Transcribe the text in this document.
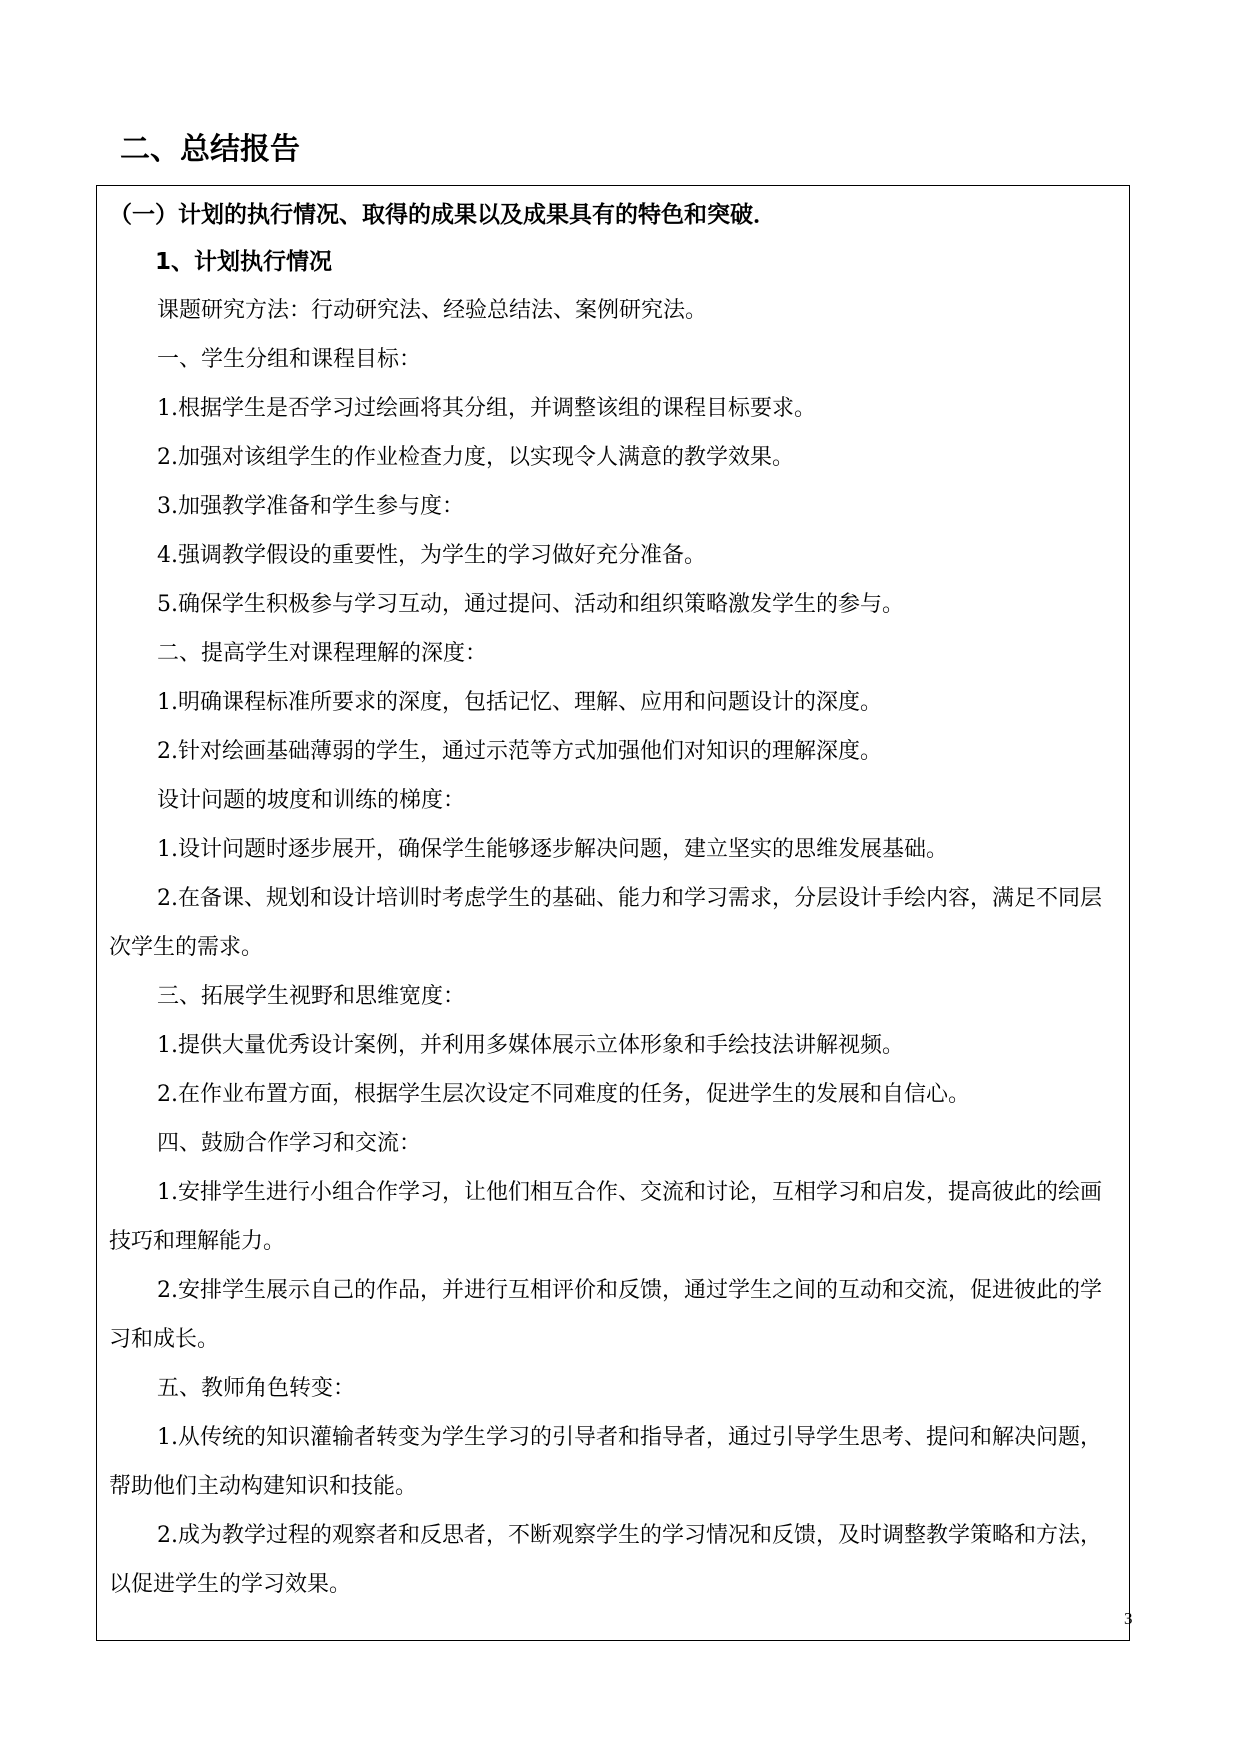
二、总结报告
（一）计划的执行情况、取得的成果以及成果具有的特色和突破．
1、计划执行情况
课题研究方法：行动研究法、经验总结法、案例研究法。
一、学生分组和课程目标：
1.根据学生是否学习过绘画将其分组，并调整该组的课程目标要求。
2.加强对该组学生的作业检查力度，以实现令人满意的教学效果。
3.加强教学准备和学生参与度：
4.强调教学假设的重要性，为学生的学习做好充分准备。
5.确保学生积极参与学习互动，通过提问、活动和组织策略激发学生的参与。
二、提高学生对课程理解的深度：
1.明确课程标准所要求的深度，包括记忆、理解、应用和问题设计的深度。
2.针对绘画基础薄弱的学生，通过示范等方式加强他们对知识的理解深度。
设计问题的坡度和训练的梯度：
1.设计问题时逐步展开，确保学生能够逐步解决问题，建立坚实的思维发展基础。
2.在备课、规划和设计培训时考虑学生的基础、能力和学习需求，分层设计手绘内容，满足不同层次学生的需求。
三、拓展学生视野和思维宽度：
1.提供大量优秀设计案例，并利用多媒体展示立体形象和手绘技法讲解视频。
2.在作业布置方面，根据学生层次设定不同难度的任务，促进学生的发展和自信心。
四、鼓励合作学习和交流：
1.安排学生进行小组合作学习，让他们相互合作、交流和讨论，互相学习和启发，提高彼此的绘画技巧和理解能力。
2.安排学生展示自己的作品，并进行互相评价和反馈，通过学生之间的互动和交流，促进彼此的学习和成长。
五、教师角色转变：
1.从传统的知识灌输者转变为学生学习的引导者和指导者，通过引导学生思考、提问和解决问题，帮助他们主动构建知识和技能。
2.成为教学过程的观察者和反思者，不断观察学生的学习情况和反馈，及时调整教学策略和方法，以促进学生的学习效果。
3
